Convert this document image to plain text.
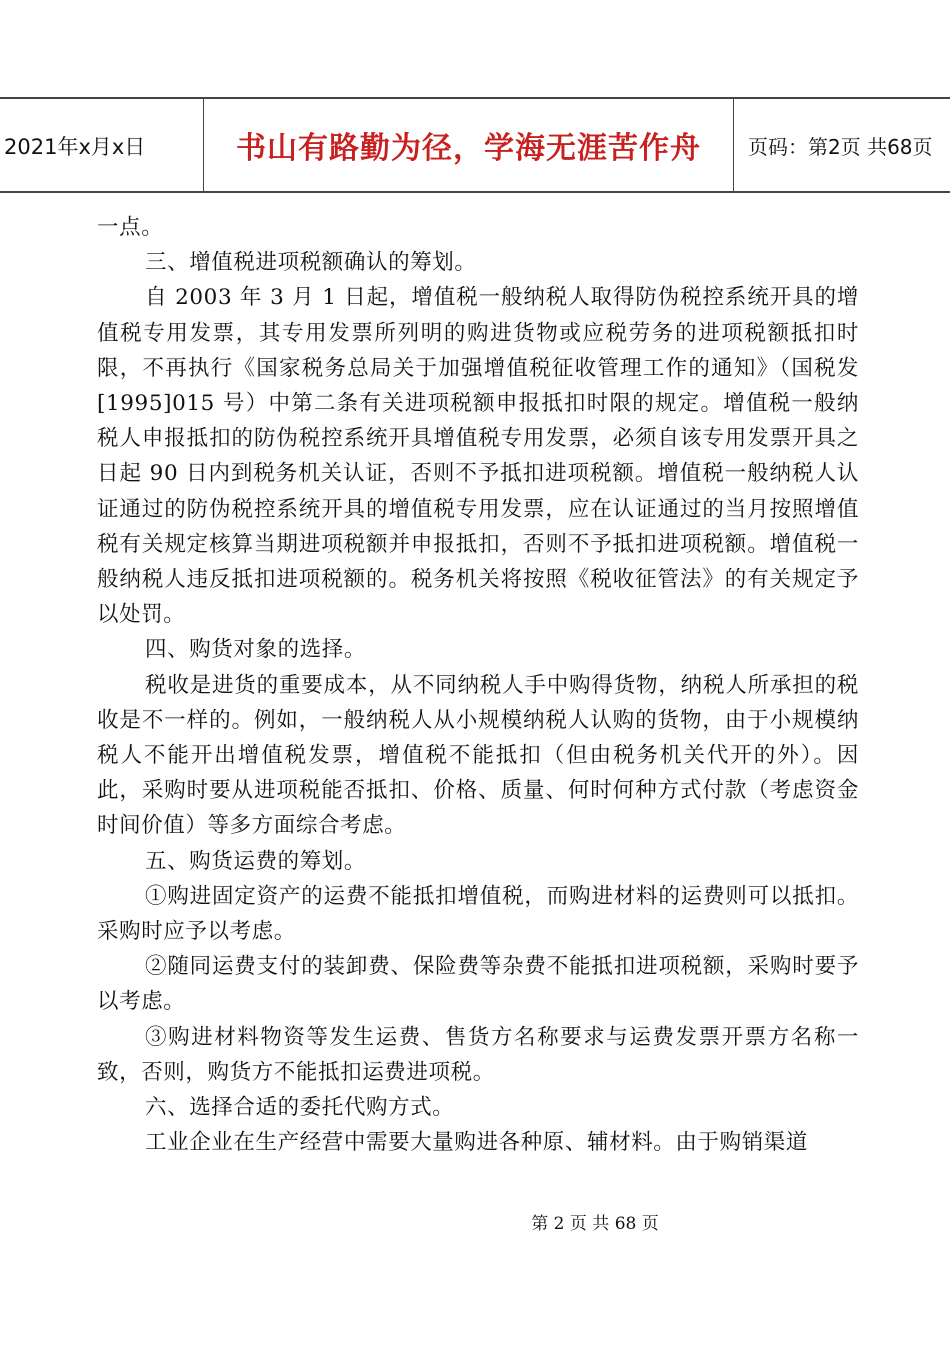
2021年x月x日	书山有路勤为径，学海无涯苦作舟	页码：第2页 共68页

一点。

三、增值税进项税额确认的筹划。

自 2003 年 3 月 1 日起，增值税一般纳税人取得防伪税控系统开具的增值税专用发票，其专用发票所列明的购进货物或应税劳务的进项税额抵扣时限，不再执行《国家税务总局关于加强增值税征收管理工作的通知》（国税发[1995]015 号）中第二条有关进项税额申报抵扣时限的规定。增值税一般纳税人申报抵扣的防伪税控系统开具增值税专用发票，必须自该专用发票开具之日起 90 日内到税务机关认证，否则不予抵扣进项税额。增值税一般纳税人认证通过的防伪税控系统开具的增值税专用发票，应在认证通过的当月按照增值税有关规定核算当期进项税额并申报抵扣，否则不予抵扣进项税额。增值税一般纳税人违反抵扣进项税额的。税务机关将按照《税收征管法》的有关规定予以处罚。

四、购货对象的选择。

税收是进货的重要成本，从不同纳税人手中购得货物，纳税人所承担的税收是不一样的。例如，一般纳税人从小规模纳税人认购的货物，由于小规模纳税人不能开出增值税发票，增值税不能抵扣（但由税务机关代开的外）。因此，采购时要从进项税能否抵扣、价格、质量、何时何种方式付款（考虑资金时间价值）等多方面综合考虑。

五、购货运费的筹划。

①购进固定资产的运费不能抵扣增值税，而购进材料的运费则可以抵扣。采购时应予以考虑。

②随同运费支付的装卸费、保险费等杂费不能抵扣进项税额，采购时要予以考虑。

③购进材料物资等发生运费、售货方名称要求与运费发票开票方名称一致，否则，购货方不能抵扣运费进项税。

六、选择合适的委托代购方式。

工业企业在生产经营中需要大量购进各种原、辅材料。由于购销渠道

第 2 页 共 68 页
